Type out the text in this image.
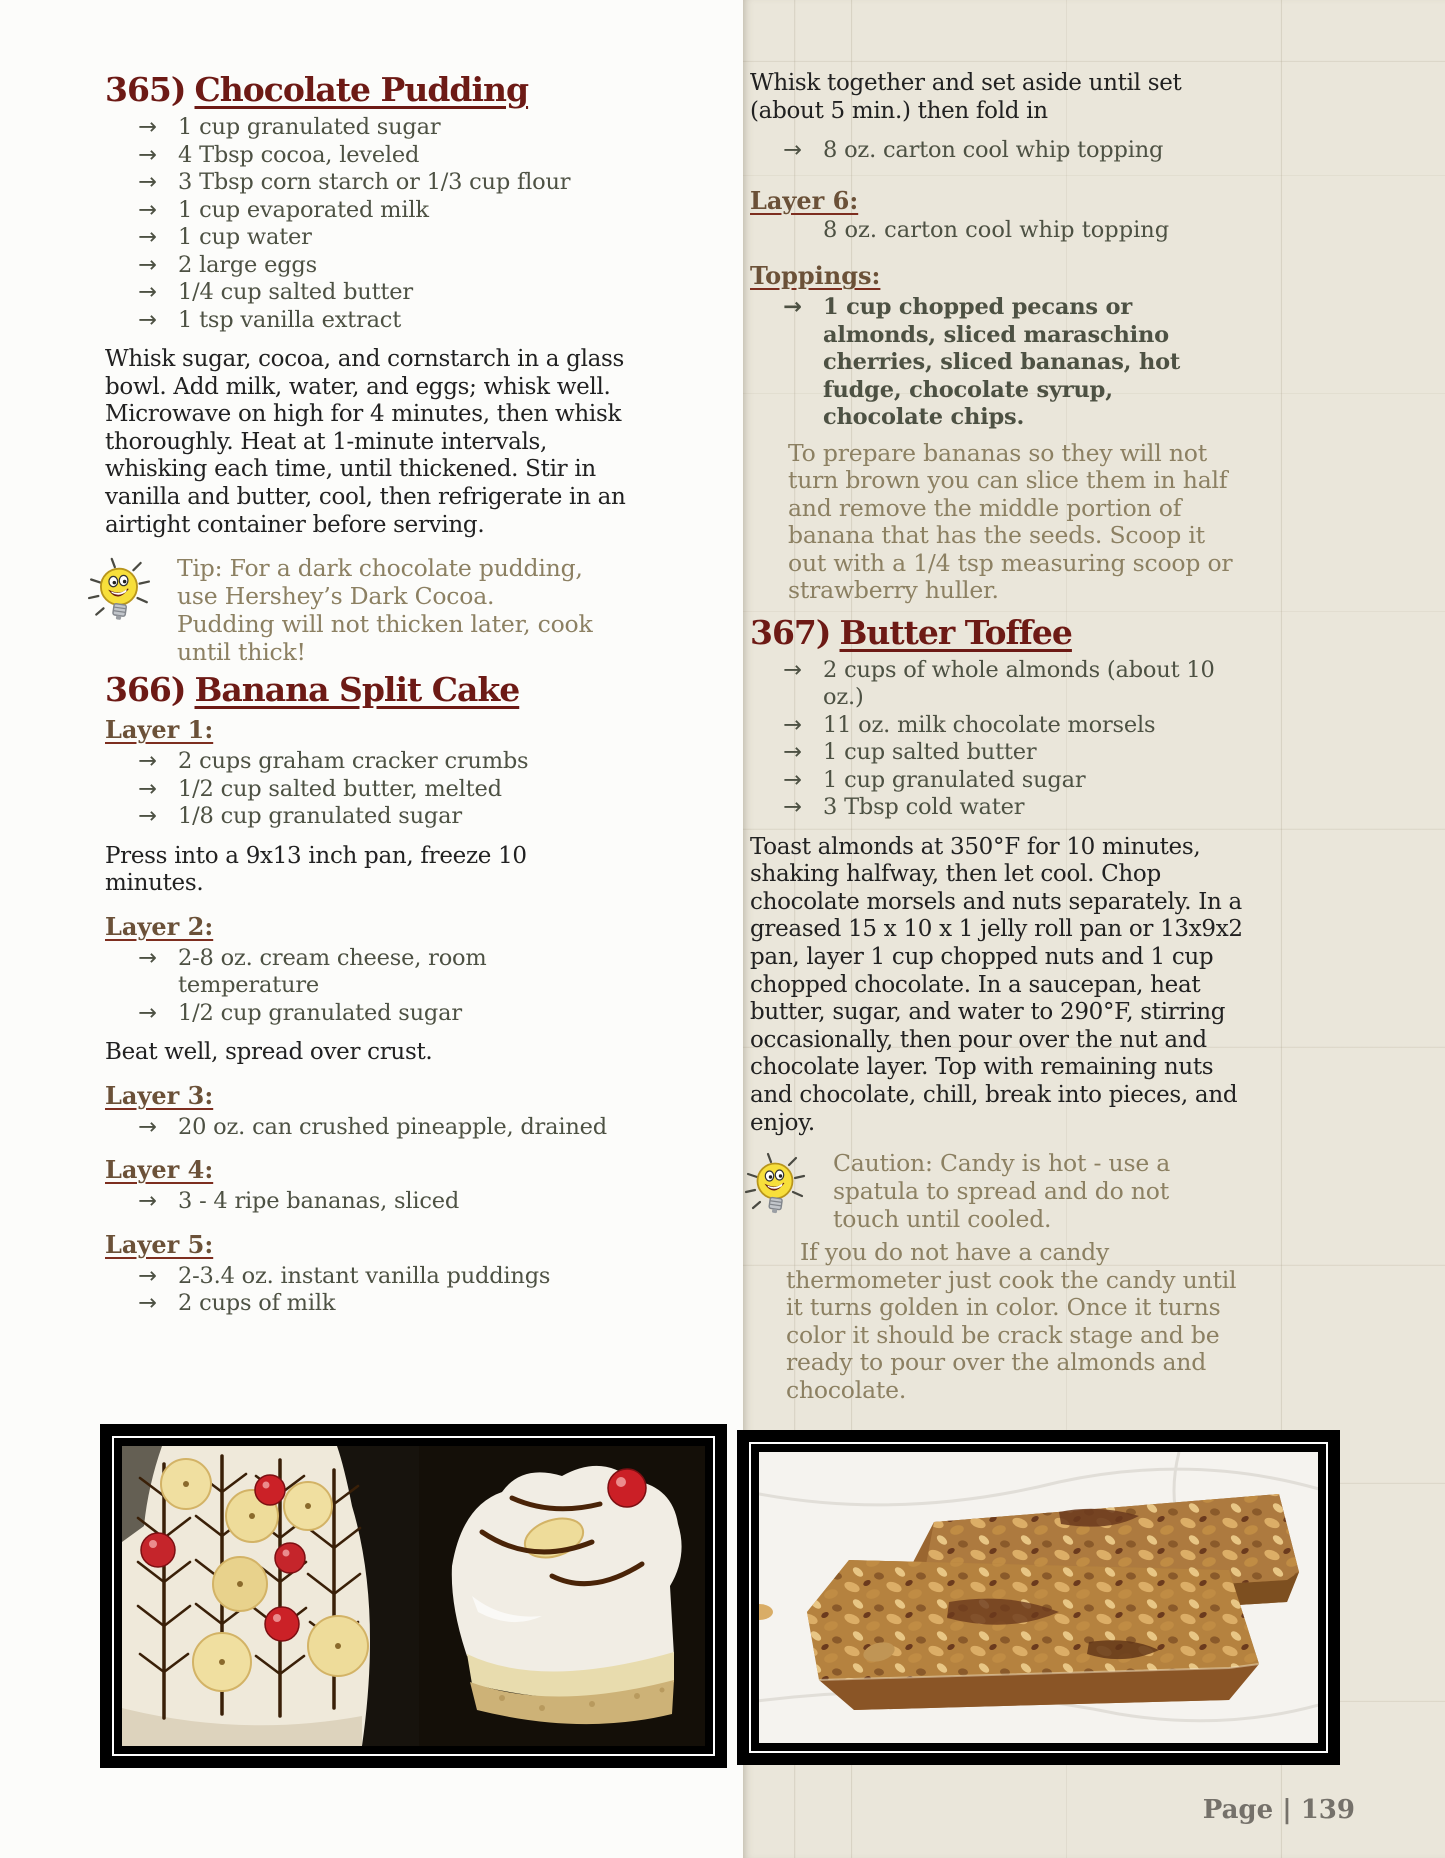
365) Chocolate Pudding
→ 1 cup granulated sugar
→ 4 Tbsp cocoa, leveled
→ 3 Tbsp corn starch or 1/3 cup flour
→ 1 cup evaporated milk
→ 1 cup water
→ 2 large eggs
→ 1/4 cup salted butter
→ 1 tsp vanilla extract
Whisk sugar, cocoa, and cornstarch in a glass bowl. Add milk, water, and eggs; whisk well. Microwave on high for 4 minutes, then whisk thoroughly. Heat at 1-minute intervals, whisking each time, until thickened. Stir in vanilla and butter, cool, then refrigerate in an airtight container before serving.
Tip: For a dark chocolate pudding, use Hershey’s Dark Cocoa. Pudding will not thicken later, cook until thick!
366) Banana Split Cake
Layer 1:
→ 2 cups graham cracker crumbs
→ 1/2 cup salted butter, melted
→ 1/8 cup granulated sugar
Press into a 9x13 inch pan, freeze 10 minutes.
Layer 2:
→ 2-8 oz. cream cheese, room temperature
→ 1/2 cup granulated sugar
Beat well, spread over crust.
Layer 3:
→ 20 oz. can crushed pineapple, drained
Layer 4:
→ 3 - 4 ripe bananas, sliced
Layer 5:
→ 2-3.4 oz. instant vanilla puddings
→ 2 cups of milk
Whisk together and set aside until set (about 5 min.) then fold in
→ 8 oz. carton cool whip topping
Layer 6:
8 oz. carton cool whip topping
Toppings:
→ 1 cup chopped pecans or almonds, sliced maraschino cherries, sliced bananas, hot fudge, chocolate syrup, chocolate chips.
To prepare bananas so they will not turn brown you can slice them in half and remove the middle portion of banana that has the seeds. Scoop it out with a 1/4 tsp measuring scoop or strawberry huller.
367) Butter Toffee
→ 2 cups of whole almonds (about 10 oz.)
→ 11 oz. milk chocolate morsels
→ 1 cup salted butter
→ 1 cup granulated sugar
→ 3 Tbsp cold water
Toast almonds at 350°F for 10 minutes, shaking halfway, then let cool. Chop chocolate morsels and nuts separately. In a greased 15 x 10 x 1 jelly roll pan or 13x9x2 pan, layer 1 cup chopped nuts and 1 cup chopped chocolate. In a saucepan, heat butter, sugar, and water to 290°F, stirring occasionally, then pour over the nut and chocolate layer. Top with remaining nuts and chocolate, chill, break into pieces, and enjoy.
Caution: Candy is hot - use a spatula to spread and do not touch until cooled.
If you do not have a candy thermometer just cook the candy until it turns golden in color. Once it turns color it should be crack stage and be ready to pour over the almonds and chocolate.
Page | 139
